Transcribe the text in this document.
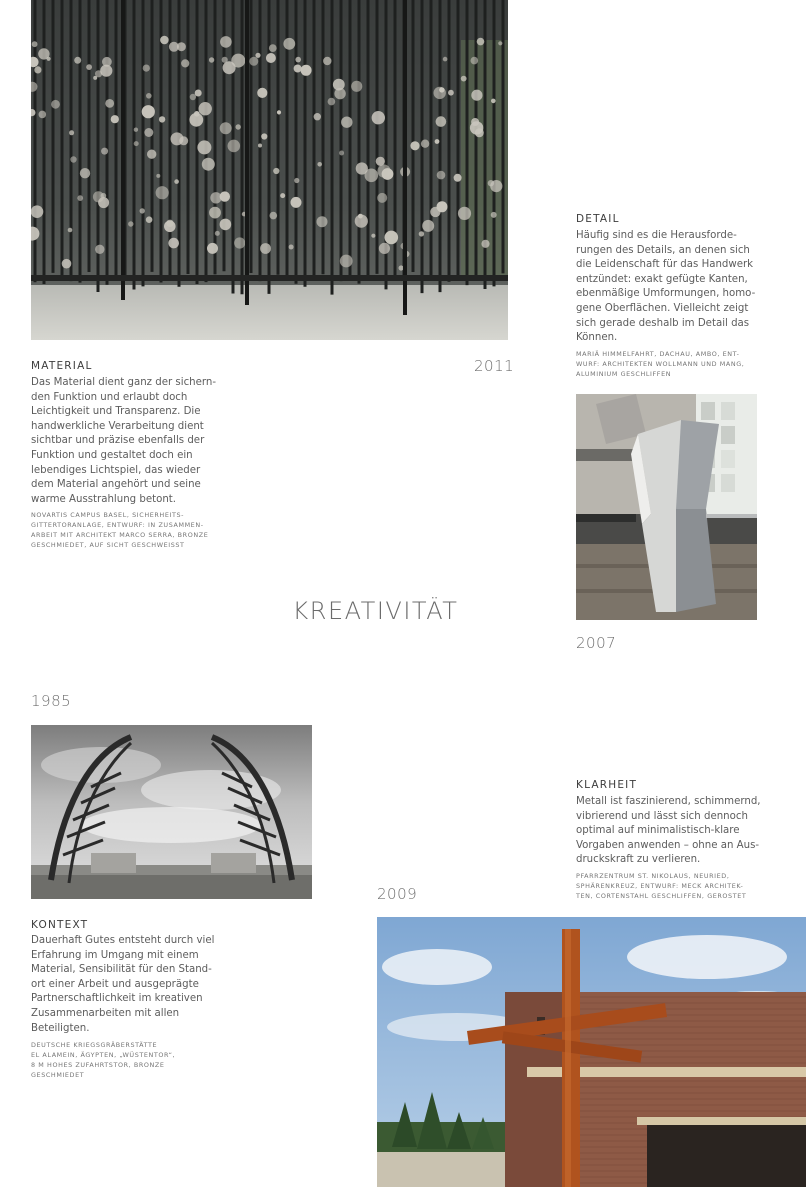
DETAIL
Häufig sind es die Herausforde-
rungen des Details, an denen sich
die Leidenschaft für das Handwerk
entzündet: exakt gefügte Kanten,
ebenmäßige Umformungen, homo-
gene Oberflächen. Vielleicht zeigt
sich gerade deshalb im Detail das
Können.
MARIÄ HIMMELFAHRT, DACHAU, AMBO, ENT-
WURF: ARCHITEKTEN WOLLMANN UND MANG,
ALUMINIUM GESCHLIFFEN
MATERIAL	2011
Das Material dient ganz der sichern-
den Funktion und erlaubt doch
Leichtigkeit und Transparenz. Die
handwerkliche Verarbeitung dient
sichtbar und präzise ebenfalls der
Funktion und gestaltet doch ein
lebendiges Lichtspiel, das wieder
dem Material angehört und seine
warme Ausstrahlung betont.
NOVARTIS CAMPUS BASEL, SICHERHEITS-
GITTERTORANLAGE, ENTWURF: IN ZUSAMMEN-
ARBEIT MIT ARCHITEKT MARCO SERRA, BRONZE
GESCHMIEDET, AUF SICHT GESCHWEISST
KREATIVITÄT
2007
1985
KLARHEIT
Metall ist faszinierend, schimmernd,
vibrierend und lässt sich dennoch
optimal auf minimalistisch-klare
Vorgaben anwenden – ohne an Aus-
druckskraft zu verlieren.
PFARRZENTRUM ST. NIKOLAUS, NEURIED,
SPHÄRENKREUZ, ENTWURF: MECK ARCHITEK-
TEN, CORTENSTAHL GESCHLIFFEN, GEROSTET
2009
KONTEXT
Dauerhaft Gutes entsteht durch viel
Erfahrung im Umgang mit einem
Material, Sensibilität für den Stand-
ort einer Arbeit und ausgeprägte
Partnerschaftlichkeit im kreativen
Zusammenarbeiten mit allen
Beteiligten.
DEUTSCHE KRIEGSGRÄBERSTÄTTE
EL ALAMEIN, ÄGYPTEN, „WÜSTENTOR“,
8 M HOHES ZUFAHRTSTOR, BRONZE
GESCHMIEDET
